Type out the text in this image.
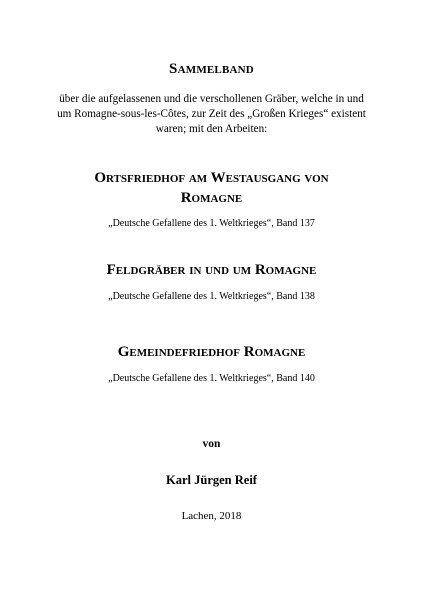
Sammelband
über die aufgelassenen und die verschollenen Gräber, welche in und
um Romagne-sous-les-Côtes, zur Zeit des „Großen Krieges“ existent
waren; mit den Arbeiten:
Ortsfriedhof am Westausgang von
Romagne
„Deutsche Gefallene des 1. Weltkrieges“, Band 137
Feldgräber in und um Romagne
„Deutsche Gefallene des 1. Weltkrieges“, Band 138
Gemeindefriedhof Romagne
„Deutsche Gefallene des 1. Weltkrieges“, Band 140
von
Karl Jürgen Reif
Lachen, 2018
